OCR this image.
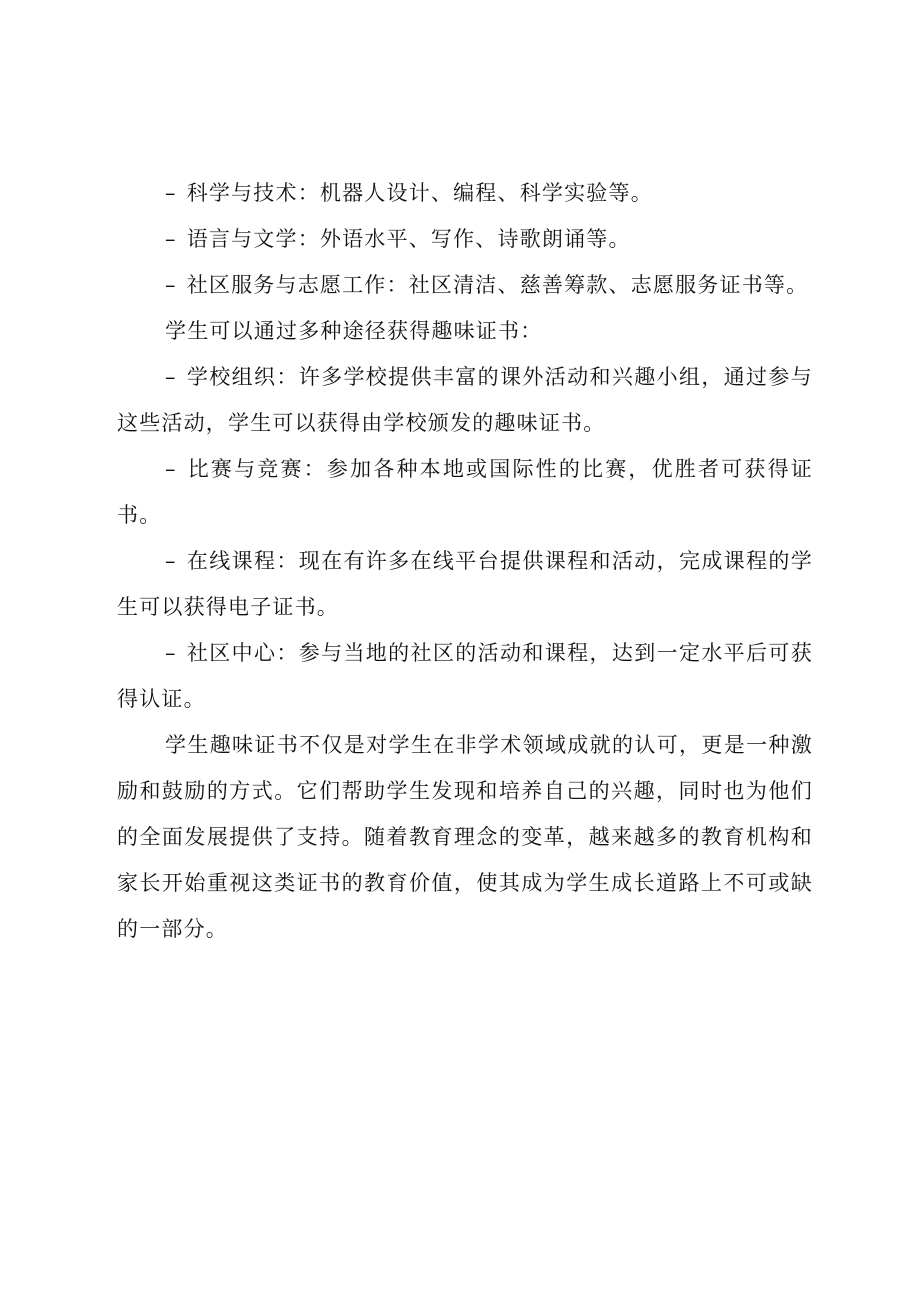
– 科学与技术：机器人设计、编程、科学实验等。

– 语言与文学：外语水平、写作、诗歌朗诵等。

– 社区服务与志愿工作：社区清洁、慈善筹款、志愿服务证书等。

学生可以通过多种途径获得趣味证书：

– 学校组织：许多学校提供丰富的课外活动和兴趣小组，通过参与这些活动，学生可以获得由学校颁发的趣味证书。

– 比赛与竞赛：参加各种本地或国际性的比赛，优胜者可获得证书。

– 在线课程：现在有许多在线平台提供课程和活动，完成课程的学生可以获得电子证书。

– 社区中心：参与当地的社区的活动和课程，达到一定水平后可获得认证。

学生趣味证书不仅是对学生在非学术领域成就的认可，更是一种激励和鼓励的方式。它们帮助学生发现和培养自己的兴趣，同时也为他们的全面发展提供了支持。随着教育理念的变革，越来越多的教育机构和家长开始重视这类证书的教育价值，使其成为学生成长道路上不可或缺的一部分。
